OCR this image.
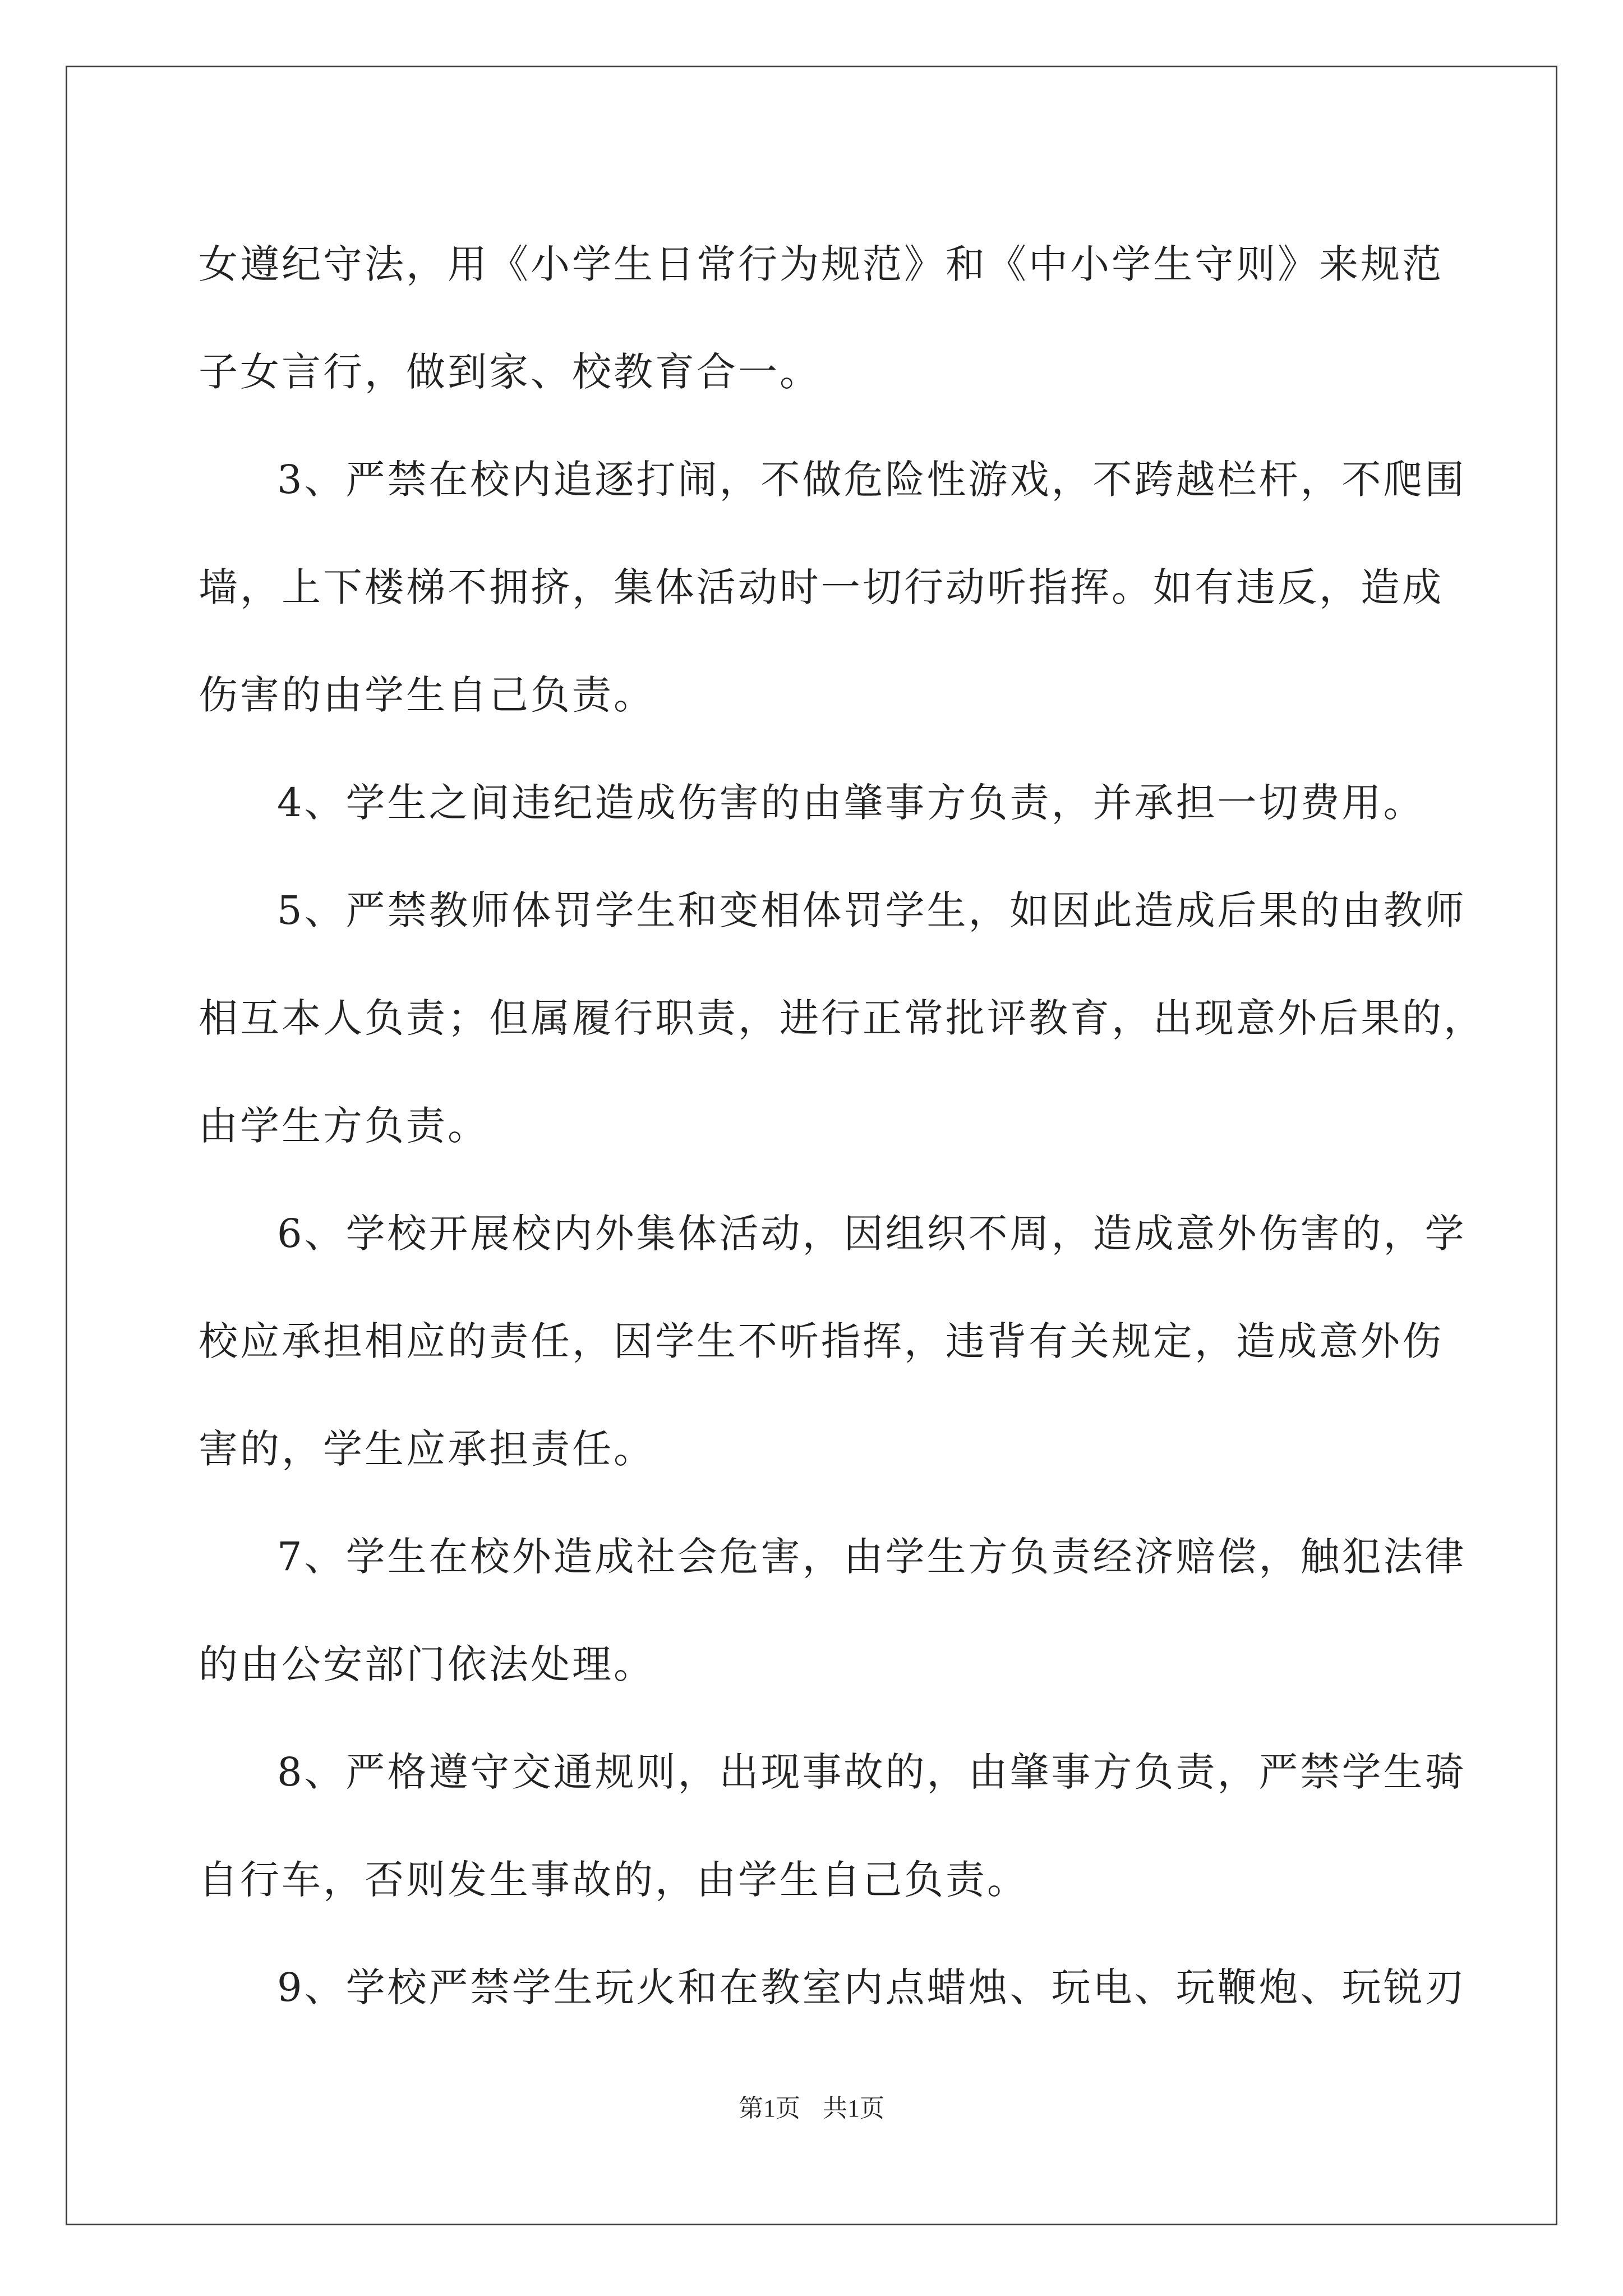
女遵纪守法，用《小学生日常行为规范》和《中小学生守则》来规范
子女言行，做到家、校教育合一。

3、严禁在校内追逐打闹，不做危险性游戏，不跨越栏杆，不爬围
墙，上下楼梯不拥挤，集体活动时一切行动听指挥。如有违反，造成
伤害的由学生自己负责。

4、学生之间违纪造成伤害的由肇事方负责，并承担一切费用。

5、严禁教师体罚学生和变相体罚学生，如因此造成后果的由教师
相互本人负责；但属履行职责，进行正常批评教育，出现意外后果的，
由学生方负责。

6、学校开展校内外集体活动，因组织不周，造成意外伤害的，学
校应承担相应的责任，因学生不听指挥，违背有关规定，造成意外伤
害的，学生应承担责任。

7、学生在校外造成社会危害，由学生方负责经济赔偿，触犯法律
的由公安部门依法处理。

8、严格遵守交通规则，出现事故的，由肇事方负责，严禁学生骑
自行车，否则发生事故的，由学生自己负责。

9、学校严禁学生玩火和在教室内点蜡烛、玩电、玩鞭炮、玩锐刃

第1页 共1页
